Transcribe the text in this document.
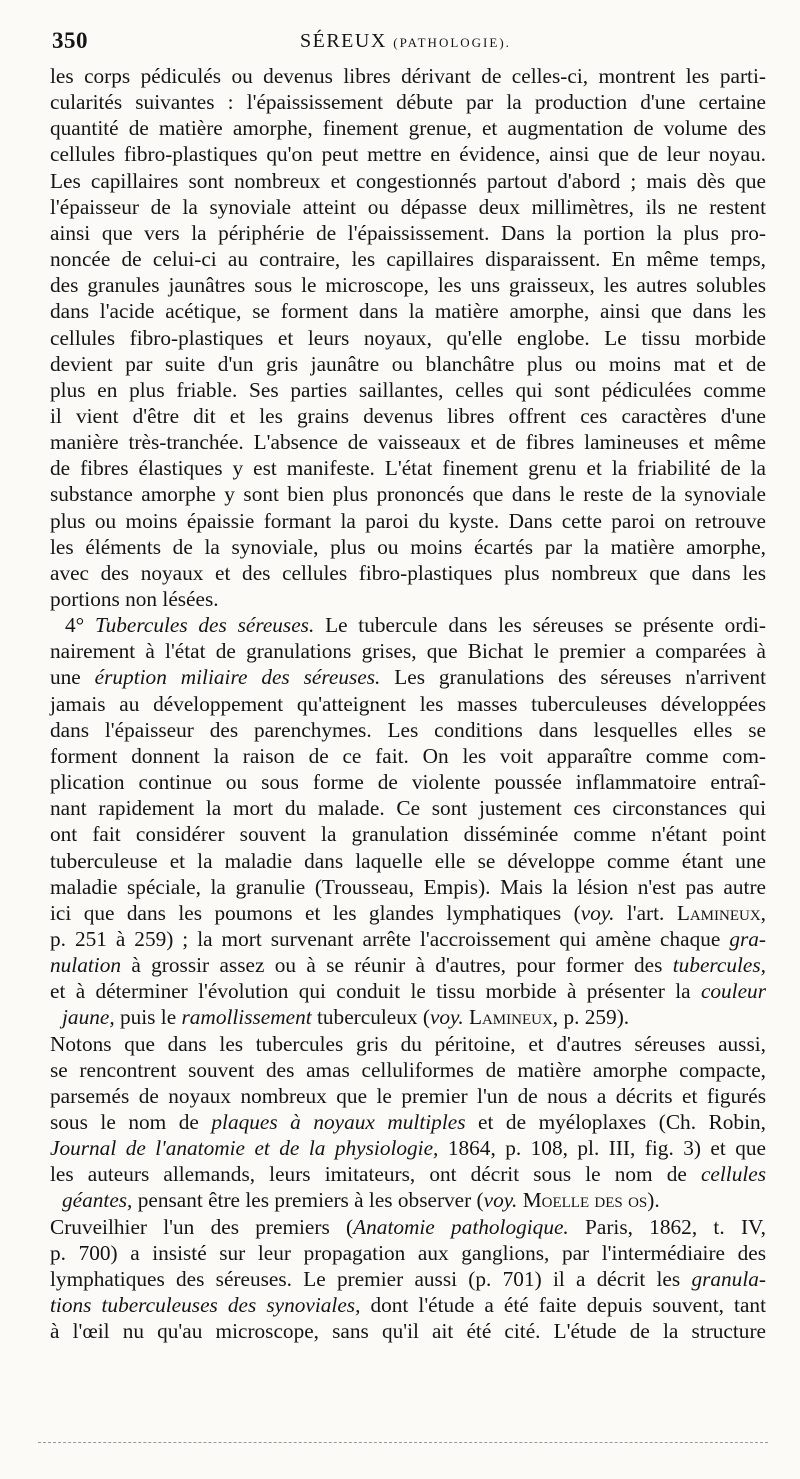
350	SÉREUX (PATHOLOGIE).
les corps pédiculés ou devenus libres dérivant de celles-ci, montrent les parti-
cularités suivantes : l'épaississement débute par la production d'une certaine
quantité de matière amorphe, finement grenue, et augmentation de volume des
cellules fibro-plastiques qu'on peut mettre en évidence, ainsi que de leur noyau.
Les capillaires sont nombreux et congestionnés partout d'abord ; mais dès que
l'épaisseur de la synoviale atteint ou dépasse deux millimètres, ils ne restent
ainsi que vers la périphérie de l'épaississement. Dans la portion la plus pro-
noncée de celui-ci au contraire, les capillaires disparaissent. En même temps,
des granules jaunâtres sous le microscope, les uns graisseux, les autres solubles
dans l'acide acétique, se forment dans la matière amorphe, ainsi que dans les
cellules fibro-plastiques et leurs noyaux, qu'elle englobe. Le tissu morbide
devient par suite d'un gris jaunâtre ou blanchâtre plus ou moins mat et de
plus en plus friable. Ses parties saillantes, celles qui sont pédiculées comme
il vient d'être dit et les grains devenus libres offrent ces caractères d'une
manière très-tranchée. L'absence de vaisseaux et de fibres lamineuses et même
de fibres élastiques y est manifeste. L'état finement grenu et la friabilité de la
substance amorphe y sont bien plus prononcés que dans le reste de la synoviale
plus ou moins épaissie formant la paroi du kyste. Dans cette paroi on retrouve
les éléments de la synoviale, plus ou moins écartés par la matière amorphe,
avec des noyaux et des cellules fibro-plastiques plus nombreux que dans les
portions non lésées.
4° Tubercules des séreuses. Le tubercule dans les séreuses se présente ordi-
nairement à l'état de granulations grises, que Bichat le premier a comparées à
une éruption miliaire des séreuses. Les granulations des séreuses n'arrivent
jamais au développement qu'atteignent les masses tuberculeuses développées
dans l'épaisseur des parenchymes. Les conditions dans lesquelles elles se
forment donnent la raison de ce fait. On les voit apparaître comme com-
plication continue ou sous forme de violente poussée inflammatoire entraî-
nant rapidement la mort du malade. Ce sont justement ces circonstances qui
ont fait considérer souvent la granulation disséminée comme n'étant point
tuberculeuse et la maladie dans laquelle elle se développe comme étant une
maladie spéciale, la granulie (Trousseau, Empis). Mais la lésion n'est pas autre
ici que dans les poumons et les glandes lymphatiques (voy. l'art. Lamineux,
p. 251 à 259) ; la mort survenant arrête l'accroissement qui amène chaque gra-
nulation à grossir assez ou à se réunir à d'autres, pour former des tubercules,
et à déterminer l'évolution qui conduit le tissu morbide à présenter la couleur
jaune, puis le ramollissement tuberculeux (voy. Lamineux, p. 259).
Notons que dans les tubercules gris du péritoine, et d'autres séreuses aussi,
se rencontrent souvent des amas celluliformes de matière amorphe compacte,
parsemés de noyaux nombreux que le premier l'un de nous a décrits et figurés
sous le nom de plaques à noyaux multiples et de myéloplaxes (Ch. Robin,
Journal de l'anatomie et de la physiologie, 1864, p. 108, pl. III, fig. 3) et que
les auteurs allemands, leurs imitateurs, ont décrit sous le nom de cellules
géantes, pensant être les premiers à les observer (voy. Moelle des os).
Cruveilhier l'un des premiers (Anatomie pathologique. Paris, 1862, t. IV,
p. 700) a insisté sur leur propagation aux ganglions, par l'intermédiaire des
lymphatiques des séreuses. Le premier aussi (p. 701) il a décrit les granula-
tions tuberculeuses des synoviales, dont l'étude a été faite depuis souvent, tant
à l'œil nu qu'au microscope, sans qu'il ait été cité. L'étude de la structure
